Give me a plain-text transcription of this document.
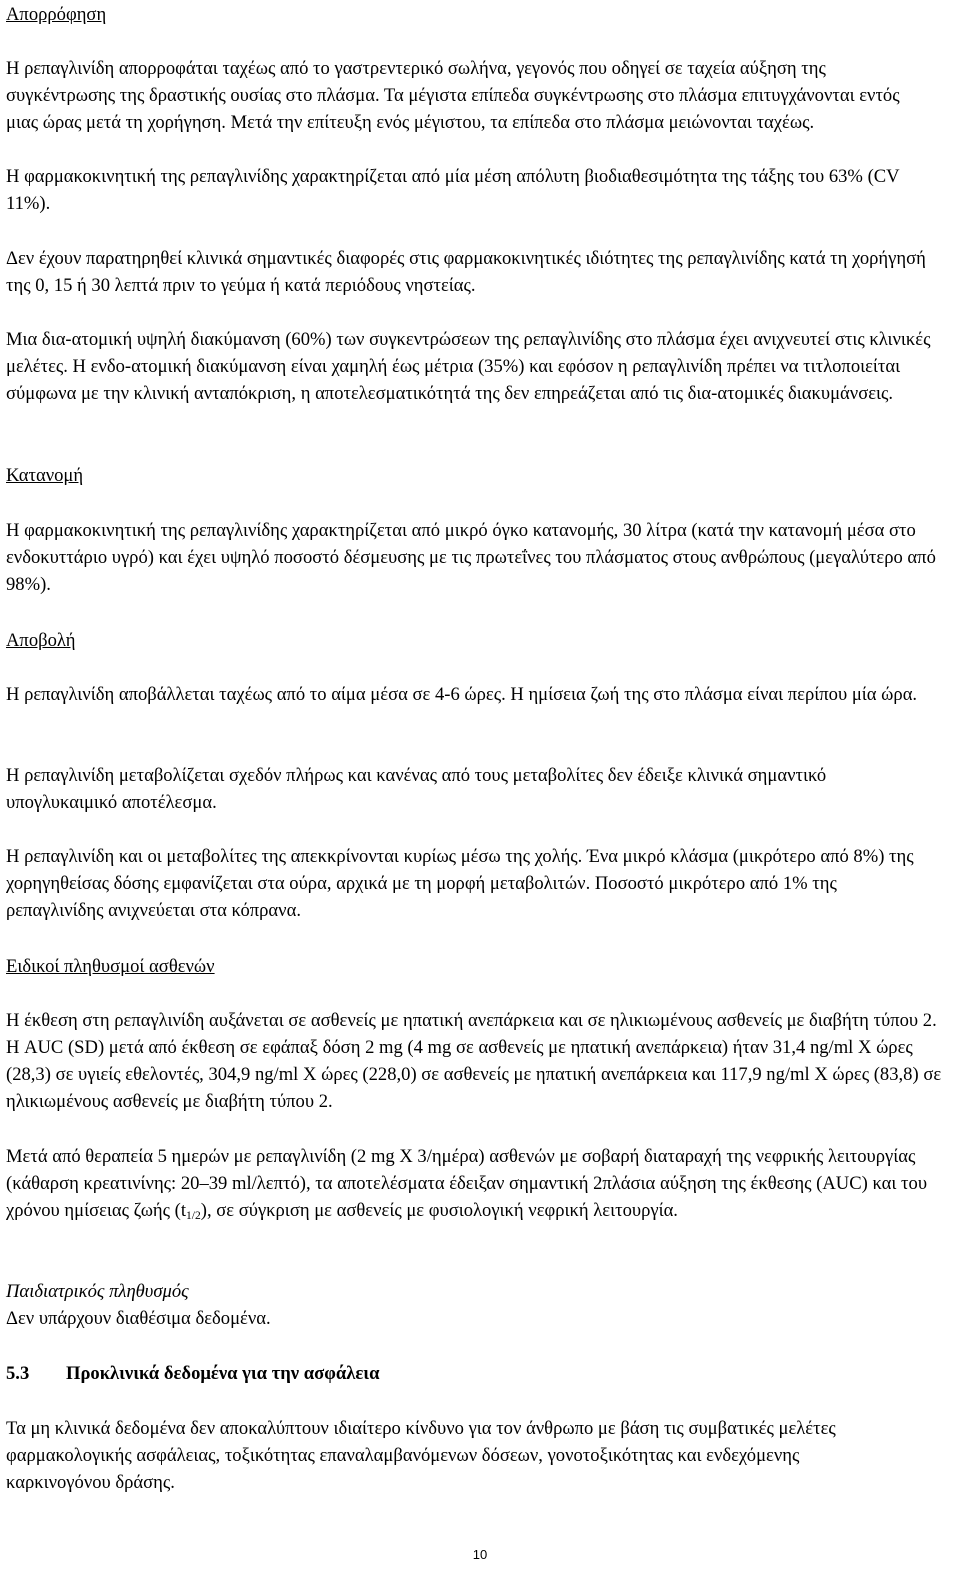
Απορρόφηση

Η ρεπαγλινίδη απορροφάται ταχέως από το γαστρεντερικό σωλήνα, γεγονός που οδηγεί σε ταχεία αύξηση της συγκέντρωσης της δραστικής ουσίας στο πλάσμα. Τα μέγιστα επίπεδα συγκέντρωσης στο πλάσμα επιτυγχάνονται εντός μιας ώρας μετά τη χορήγηση. Μετά την επίτευξη ενός μέγιστου, τα επίπεδα στο πλάσμα μειώνονται ταχέως.

Η φαρμακοκινητική της ρεπαγλινίδης χαρακτηρίζεται από μία μέση απόλυτη βιοδιαθεσιμότητα της τάξης του 63% (CV 11%).

Δεν έχουν παρατηρηθεί κλινικά σημαντικές διαφορές στις φαρμακοκινητικές ιδιότητες της ρεπαγλινίδης κατά τη χορήγησή της 0, 15 ή 30 λεπτά πριν το γεύμα ή κατά περιόδους νηστείας.

Μια δια-ατομική υψηλή διακύμανση (60%) των συγκεντρώσεων της ρεπαγλινίδης στο πλάσμα έχει ανιχνευτεί στις κλινικές μελέτες. Η ενδο-ατομική διακύμανση είναι χαμηλή έως μέτρια (35%) και εφόσον η ρεπαγλινίδη πρέπει να τιτλοποιείται σύμφωνα με την κλινική ανταπόκριση, η αποτελεσματικότητά της δεν επηρεάζεται από τις δια-ατομικές διακυμάνσεις.

Κατανομή

Η φαρμακοκινητική της ρεπαγλινίδης χαρακτηρίζεται από μικρό όγκο κατανομής, 30 λίτρα (κατά την κατανομή μέσα στο ενδοκυττάριο υγρό) και έχει υψηλό ποσοστό δέσμευσης με τις πρωτεΐνες του πλάσματος στους ανθρώπους (μεγαλύτερο από 98%).

Αποβολή

Η ρεπαγλινίδη αποβάλλεται ταχέως από το αίμα μέσα σε 4-6 ώρες. Η ημίσεια ζωή της στο πλάσμα είναι περίπου μία ώρα.

Η ρεπαγλινίδη μεταβολίζεται σχεδόν πλήρως και κανένας από τους μεταβολίτες δεν έδειξε κλινικά σημαντικό υπογλυκαιμικό αποτέλεσμα.

Η ρεπαγλινίδη και οι μεταβολίτες της απεκκρίνονται κυρίως μέσω της χολής. Ένα μικρό κλάσμα (μικρότερο από 8%) της χορηγηθείσας δόσης εμφανίζεται στα ούρα, αρχικά με τη μορφή μεταβολιτών. Ποσοστό μικρότερο από 1% της ρεπαγλινίδης ανιχνεύεται στα κόπρανα.

Ειδικοί πληθυσμοί ασθενών

Η έκθεση στη ρεπαγλινίδη αυξάνεται σε ασθενείς με ηπατική ανεπάρκεια και σε ηλικιωμένους ασθενείς με διαβήτη τύπου 2. Η AUC (SD) μετά από έκθεση σε εφάπαξ δόση 2 mg (4 mg σε ασθενείς με ηπατική ανεπάρκεια) ήταν 31,4 ng/ml X ώρες (28,3) σε υγιείς εθελοντές, 304,9 ng/ml X ώρες (228,0) σε ασθενείς με ηπατική ανεπάρκεια και 117,9 ng/ml X ώρες (83,8) σε ηλικιωμένους ασθενείς με διαβήτη τύπου 2.

Μετά από θεραπεία 5 ημερών με ρεπαγλινίδη (2 mg X 3/ημέρα) ασθενών με σοβαρή διαταραχή της νεφρικής λειτουργίας (κάθαρση κρεατινίνης: 20–39 ml/λεπτό), τα αποτελέσματα έδειξαν σημαντική 2πλάσια αύξηση της έκθεσης (AUC) και του χρόνου ημίσειας ζωής $(t_{1/2})$, σε σύγκριση με ασθενείς με φυσιολογική νεφρική λειτουργία.

Παιδιατρικός πληθυσμός

Δεν υπάρχουν διαθέσιμα δεδομένα.

5.3 Προκλινικά δεδομένα για την ασφάλεια

Τα μη κλινικά δεδομένα δεν αποκαλύπτουν ιδιαίτερο κίνδυνο για τον άνθρωπο με βάση τις συμβατικές μελέτες φαρμακολογικής ασφάλειας, τοξικότητας επαναλαμβανόμενων δόσεων, γονοτοξικότητας και ενδεχόμενης καρκινογόνου δράσης.

10
